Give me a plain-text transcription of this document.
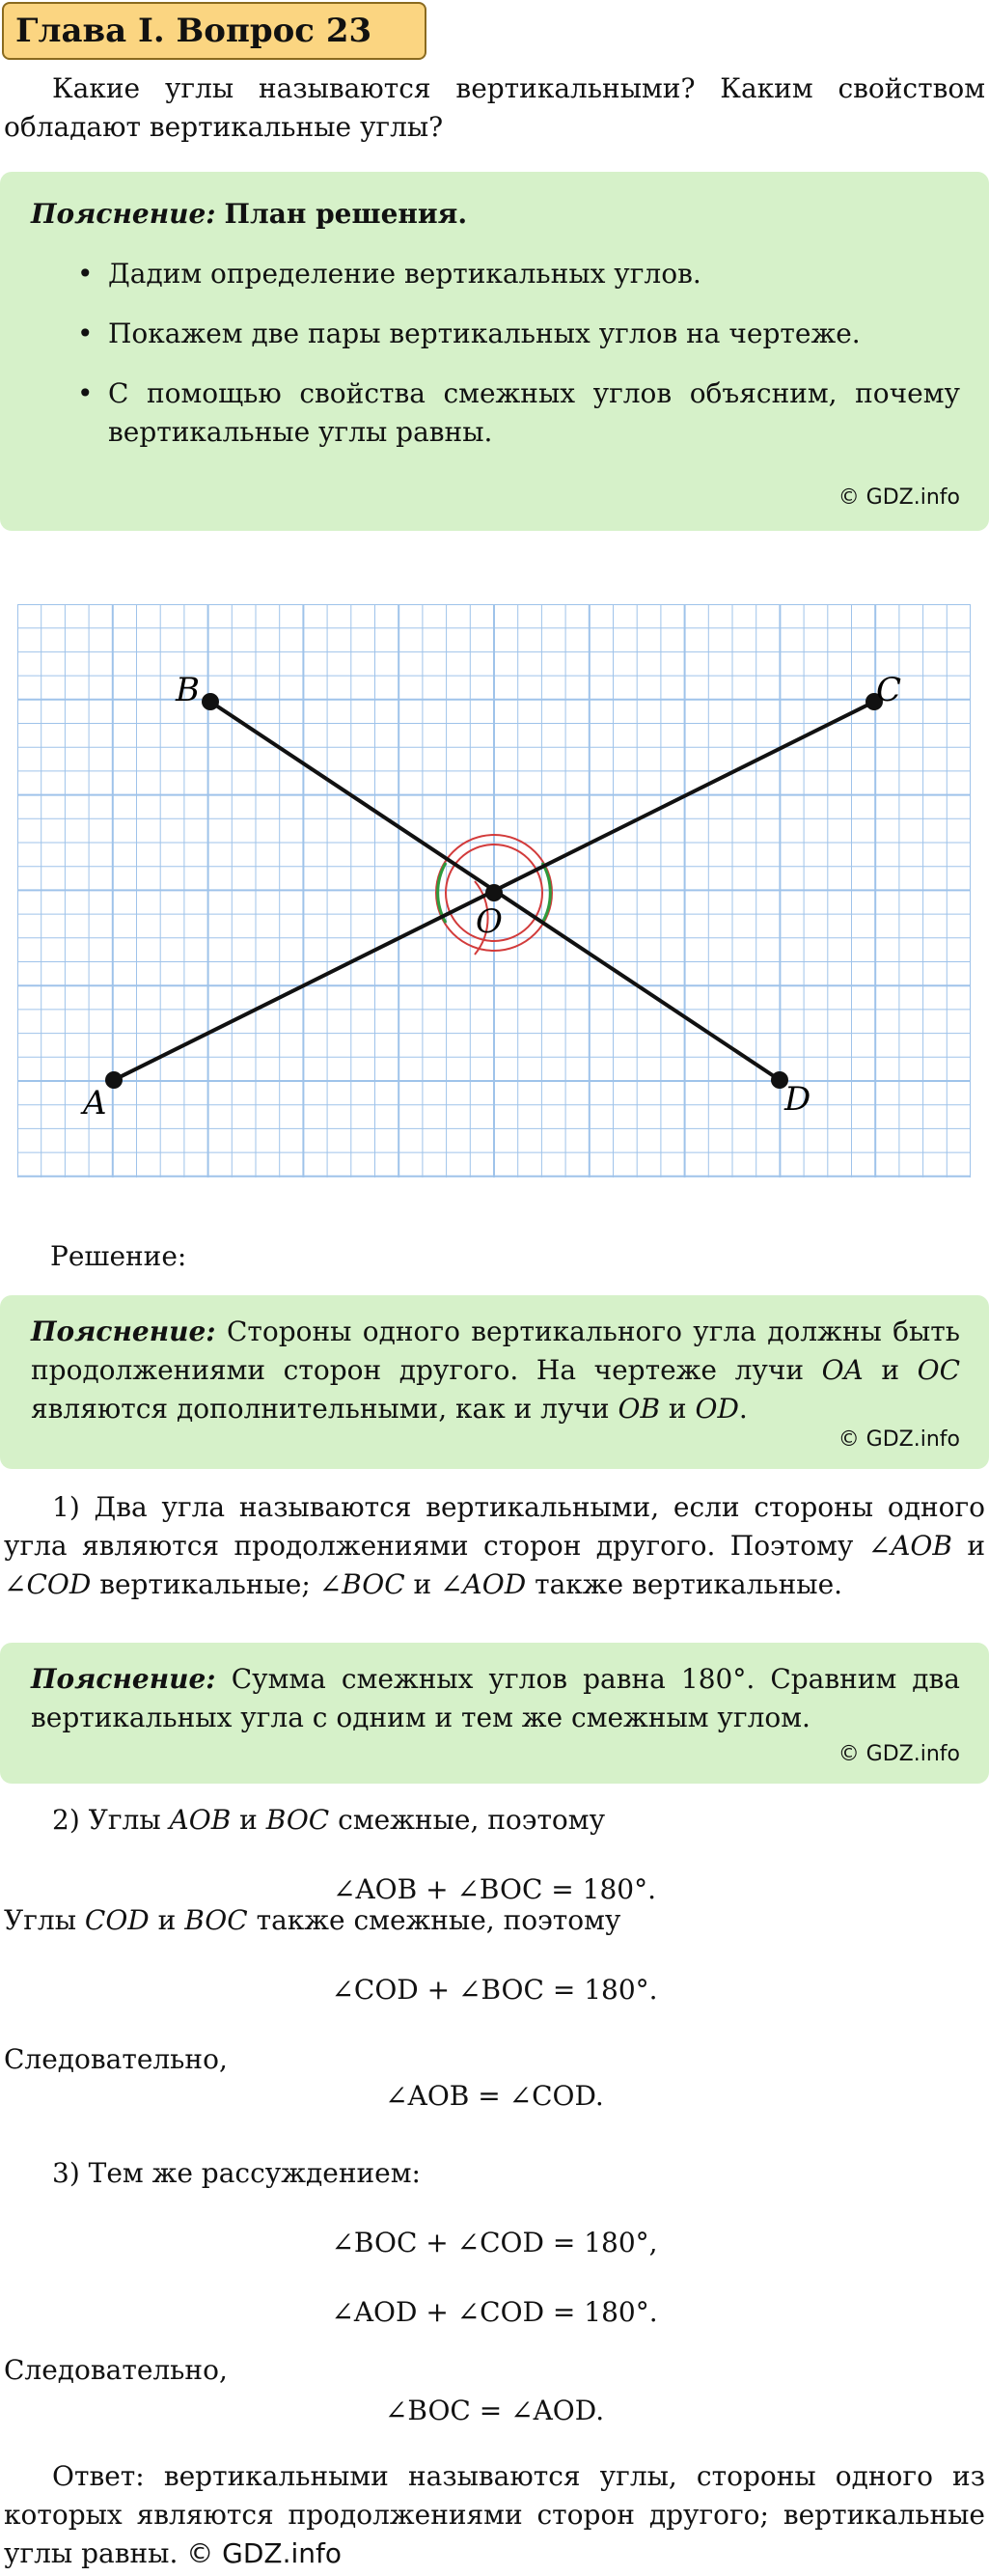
Глава I. Вопрос 23
Какие углы называются вертикальными? Каким свойством обладают вертикальные углы?
Пояснение: План решения.
• Дадим определение вертикальных углов.
• Покажем две пары вертикальных углов на чертеже.
• С помощью свойства смежных углов объясним, почему вертикальные углы равны.
© GDZ.info
A
B	C
D
O
Решение:
Пояснение: Стороны одного вертикального угла должны быть продолжениями сторон другого. На чертеже лучи OA и OC являются дополнительными, как и лучи OB и OD.
© GDZ.info
1) Два угла называются вертикальными, если стороны одного угла являются продолжениями сторон другого. Поэтому ∠AOB и ∠COD вертикальные; ∠BOC и ∠AOD также вертикальные.
Пояснение: Сумма смежных углов равна 180°. Сравним два вертикальных угла с одним и тем же смежным углом.
© GDZ.info
2) Углы AOB и BOC смежные, поэтому
∠AOB + ∠BOC = 180°.
Углы COD и BOC также смежные, поэтому
∠COD + ∠BOC = 180°.
Следовательно,
∠AOB = ∠COD.
3) Тем же рассуждением:
∠BOC + ∠COD = 180°,
∠AOD + ∠COD = 180°.
Следовательно,
∠BOC = ∠AOD.
Ответ: вертикальными называются углы, стороны одного из которых являются продолжениями сторон другого; вертикальные углы равны. © GDZ.info
